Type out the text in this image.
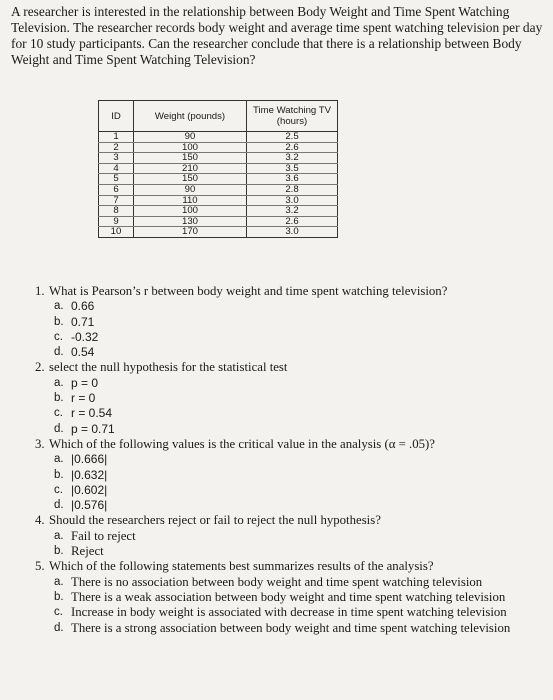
A researcher is interested in the relationship between Body Weight and Time Spent Watching Television. The researcher records body weight and average time spent watching television per day for 10 study participants. Can the researcher conclude that there is a relationship between Body Weight and Time Spent Watching Television?
ID	Weight (pounds)	Time Watching TV
(hours)

1	90	2.5
2	100	2.6
3	150	3.2
4	210	3.5
5	150	3.6
6	90	2.8
7	110	3.0
8	100	3.2
9	130	2.6
10	170	3.0
1. What is Pearson’s r between body weight and time spent watching television?
a. 0.66
b. 0.71
c. -0.32
d. 0.54
2. select the null hypothesis for the statistical test
a. p = 0
b. r = 0
c. r = 0.54
d. p = 0.71
3. Which of the following values is the critical value in the analysis (α = .05)?
a. |0.666|
b. |0.632|
c. |0.602|
d. |0.576|
4. Should the researchers reject or fail to reject the null hypothesis?
a. Fail to reject
b. Reject
5. Which of the following statements best summarizes results of the analysis?
a. There is no association between body weight and time spent watching television
b. There is a weak association between body weight and time spent watching television
c. Increase in body weight is associated with decrease in time spent watching television
d. There is a strong association between body weight and time spent watching television
